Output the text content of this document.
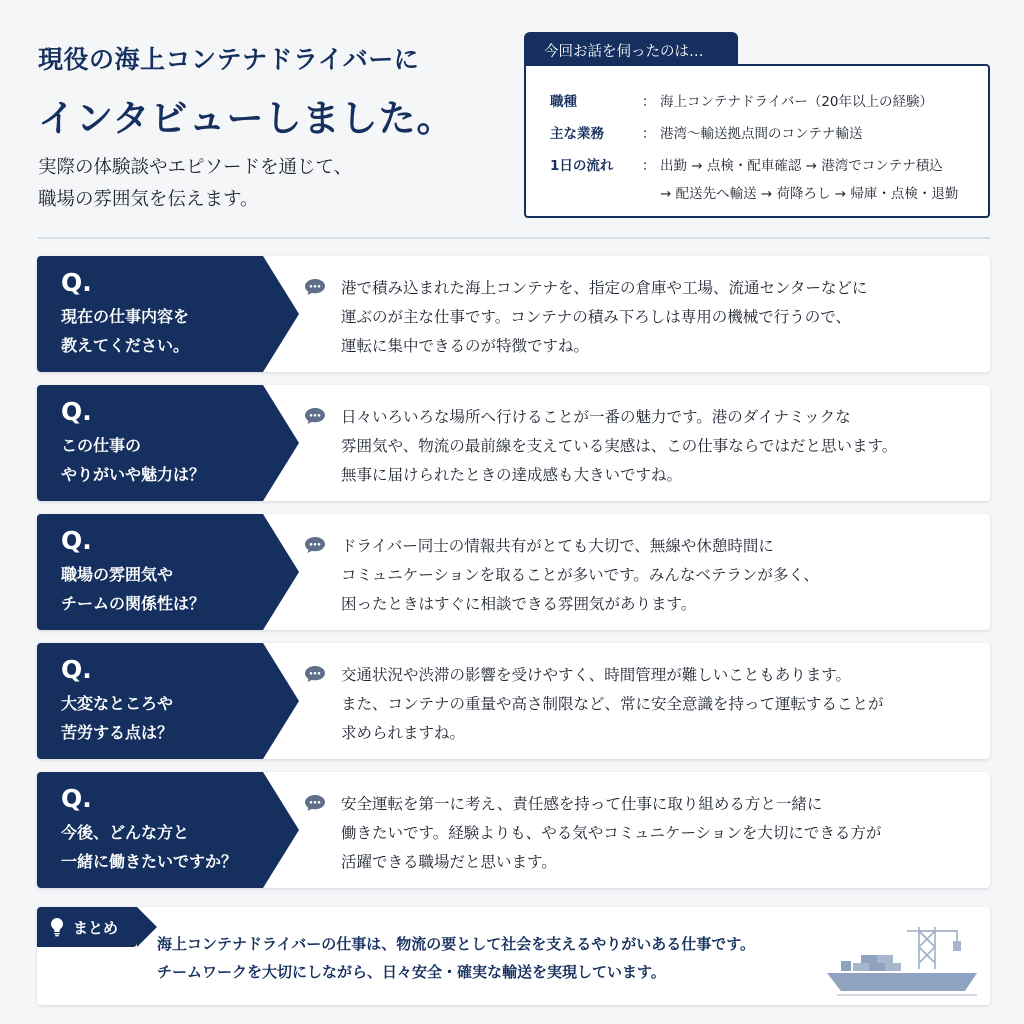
現役の海上コンテナドライバーに
インタビューしました。
実際の体験談やエピソードを通じて、
職場の雰囲気を伝えます。
今回お話を伺ったのは…
職種	： 海上コンテナドライバー（20年以上の経験）
主な業務	： 港湾〜輸送拠点間のコンテナ輸送
1日の流れ	： 出勤 → 点検・配車確認 → 港湾でコンテナ積込
→ 配送先へ輸送 → 荷降ろし → 帰庫・点検・退勤
Q.
現在の仕事内容を
教えてください。
港で積み込まれた海上コンテナを、指定の倉庫や工場、流通センターなどに
運ぶのが主な仕事です。コンテナの積み下ろしは専用の機械で行うので、
運転に集中できるのが特徴ですね。
Q.
この仕事の
やりがいや魅力は？
日々いろいろな場所へ行けることが一番の魅力です。港のダイナミックな
雰囲気や、物流の最前線を支えている実感は、この仕事ならではだと思います。
無事に届けられたときの達成感も大きいですね。
Q.
職場の雰囲気や
チームの関係性は？
ドライバー同士の情報共有がとても大切で、無線や休憩時間に
コミュニケーションを取ることが多いです。みんなベテランが多く、
困ったときはすぐに相談できる雰囲気があります。
Q.
大変なところや
苦労する点は？
交通状況や渋滞の影響を受けやすく、時間管理が難しいこともあります。
また、コンテナの重量や高さ制限など、常に安全意識を持って運転することが
求められますね。
Q.
今後、どんな方と
一緒に働きたいですか？
安全運転を第一に考え、責任感を持って仕事に取り組める方と一緒に
働きたいです。経験よりも、やる気やコミュニケーションを大切にできる方が
活躍できる職場だと思います。
まとめ
海上コンテナドライバーの仕事は、物流の要として社会を支えるやりがいある仕事です。
チームワークを大切にしながら、日々安全・確実な輸送を実現しています。
